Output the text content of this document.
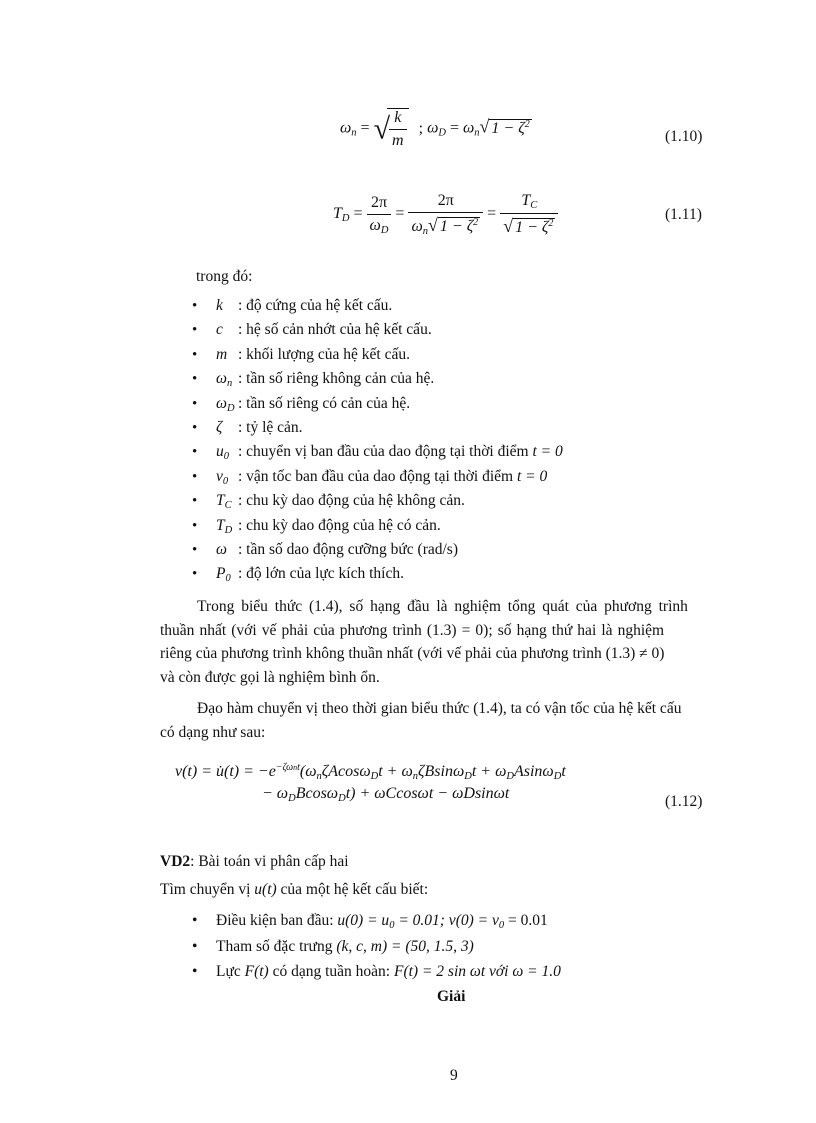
$\omega_n$ = √
$\frac{k}{m}$ ; $\omega_D = \omega_n√$ $1 - \zeta^2$
(1.10)
$T_D = \frac{2\pi}{\omega_D} = \frac{2\pi}{\omega_n√ 1 - \zeta^2} = \frac{T_C}{√ 1 - \zeta^2}$	(1.11)
trong đó:
• k : độ cứng của hệ kết cấu.
• c : hệ số cản nhớt của hệ kết cấu.
• m : khối lượng của hệ kết cấu.
• $\omega_n$ : tần số riêng không cản của hệ.
• $\omega_D$ : tần số riêng có cản của hệ.
• ζ : tỷ lệ cản.
• $u_0$ : chuyển vị ban đầu của dao động tại thời điểm t = 0
• $v_0$ : vận tốc ban đầu của dao động tại thời điểm t = 0
• $T_C$ : chu kỳ dao động của hệ không cản.
• $T_D$ : chu kỳ dao động của hệ có cản.
• ω : tần số dao động cưỡng bức (rad/s)
• $P_0$ : độ lớn của lực kích thích.
Trong biểu thức (1.4), số hạng đầu là nghiệm tổng quát của phương trình
thuần nhất (với vế phải của phương trình (1.3) = 0); số hạng thứ hai là nghiệm
riêng của phương trình không thuần nhất (với vế phải của phương trình (1.3) ≠ 0)
và còn được gọi là nghiệm bình ổn.
Đạo hàm chuyển vị theo thời gian biểu thức (1.4), ta có vận tốc của hệ kết cấu
có dạng như sau:
v(t) = u̇(t) = $-e^{-\zeta\omega nt}(\omega_n\zeta Acos\omega_Dt + \omega_n\zeta Bsin\omega_Dt + \omega_DAsin\omega_Dt$
− $\omega_DBcos\omega_Dt) + \omega Ccos\omega t - \omega Dsin\omega t$	(1.12)
VD2: Bài toán vi phân cấp hai
Tìm chuyển vị u(t) của một hệ kết cấu biết:
• Điều kiện ban đầu: $u(0) = u_0 = 0.01$; $v(0) = v_0 = 0.01$
• Tham số đặc trưng (k, c, m) = (50, 1.5, 3)
• Lực F(t) có dạng tuần hoàn: F(t) = 2 sin ωt với ω = 1.0
Giải
9
